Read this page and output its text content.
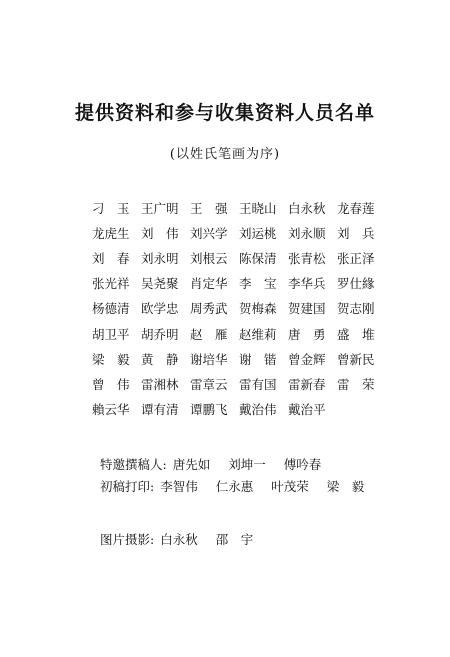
提供资料和参与收集资料人员名单
(以姓氏笔画为序)
刁　玉 王广明 王　强 王晓山 白永秋 龙春莲
龙虎生 刘　伟 刘兴学 刘运桃 刘永顺 刘　兵
刘　春 刘永明 刘根云 陈保清 张青松 张正泽
张光祥 吴尧聚 肖定华 李　宝 李华兵 罗仕緣
杨德清 欧学忠 周秀武 贺梅森 贺建国 贺志刚
胡卫平 胡乔明 赵　雁 赵维莉 唐　勇 盛　堆
梁　毅 黄　静 谢培华 谢　锴 曾金辉 曾新民
曾　伟 雷湘林 雷章云 雷有国 雷新春 雷　荣
賴云华 谭有清 谭鹏飞 戴治伟 戴治平
特邀撰稿人: 唐先如 刘坤一 傅吟春
初稿打印: 李智伟 仁永惠 叶茂荣 梁　毅
图片摄影: 白永秋 邵　宇
